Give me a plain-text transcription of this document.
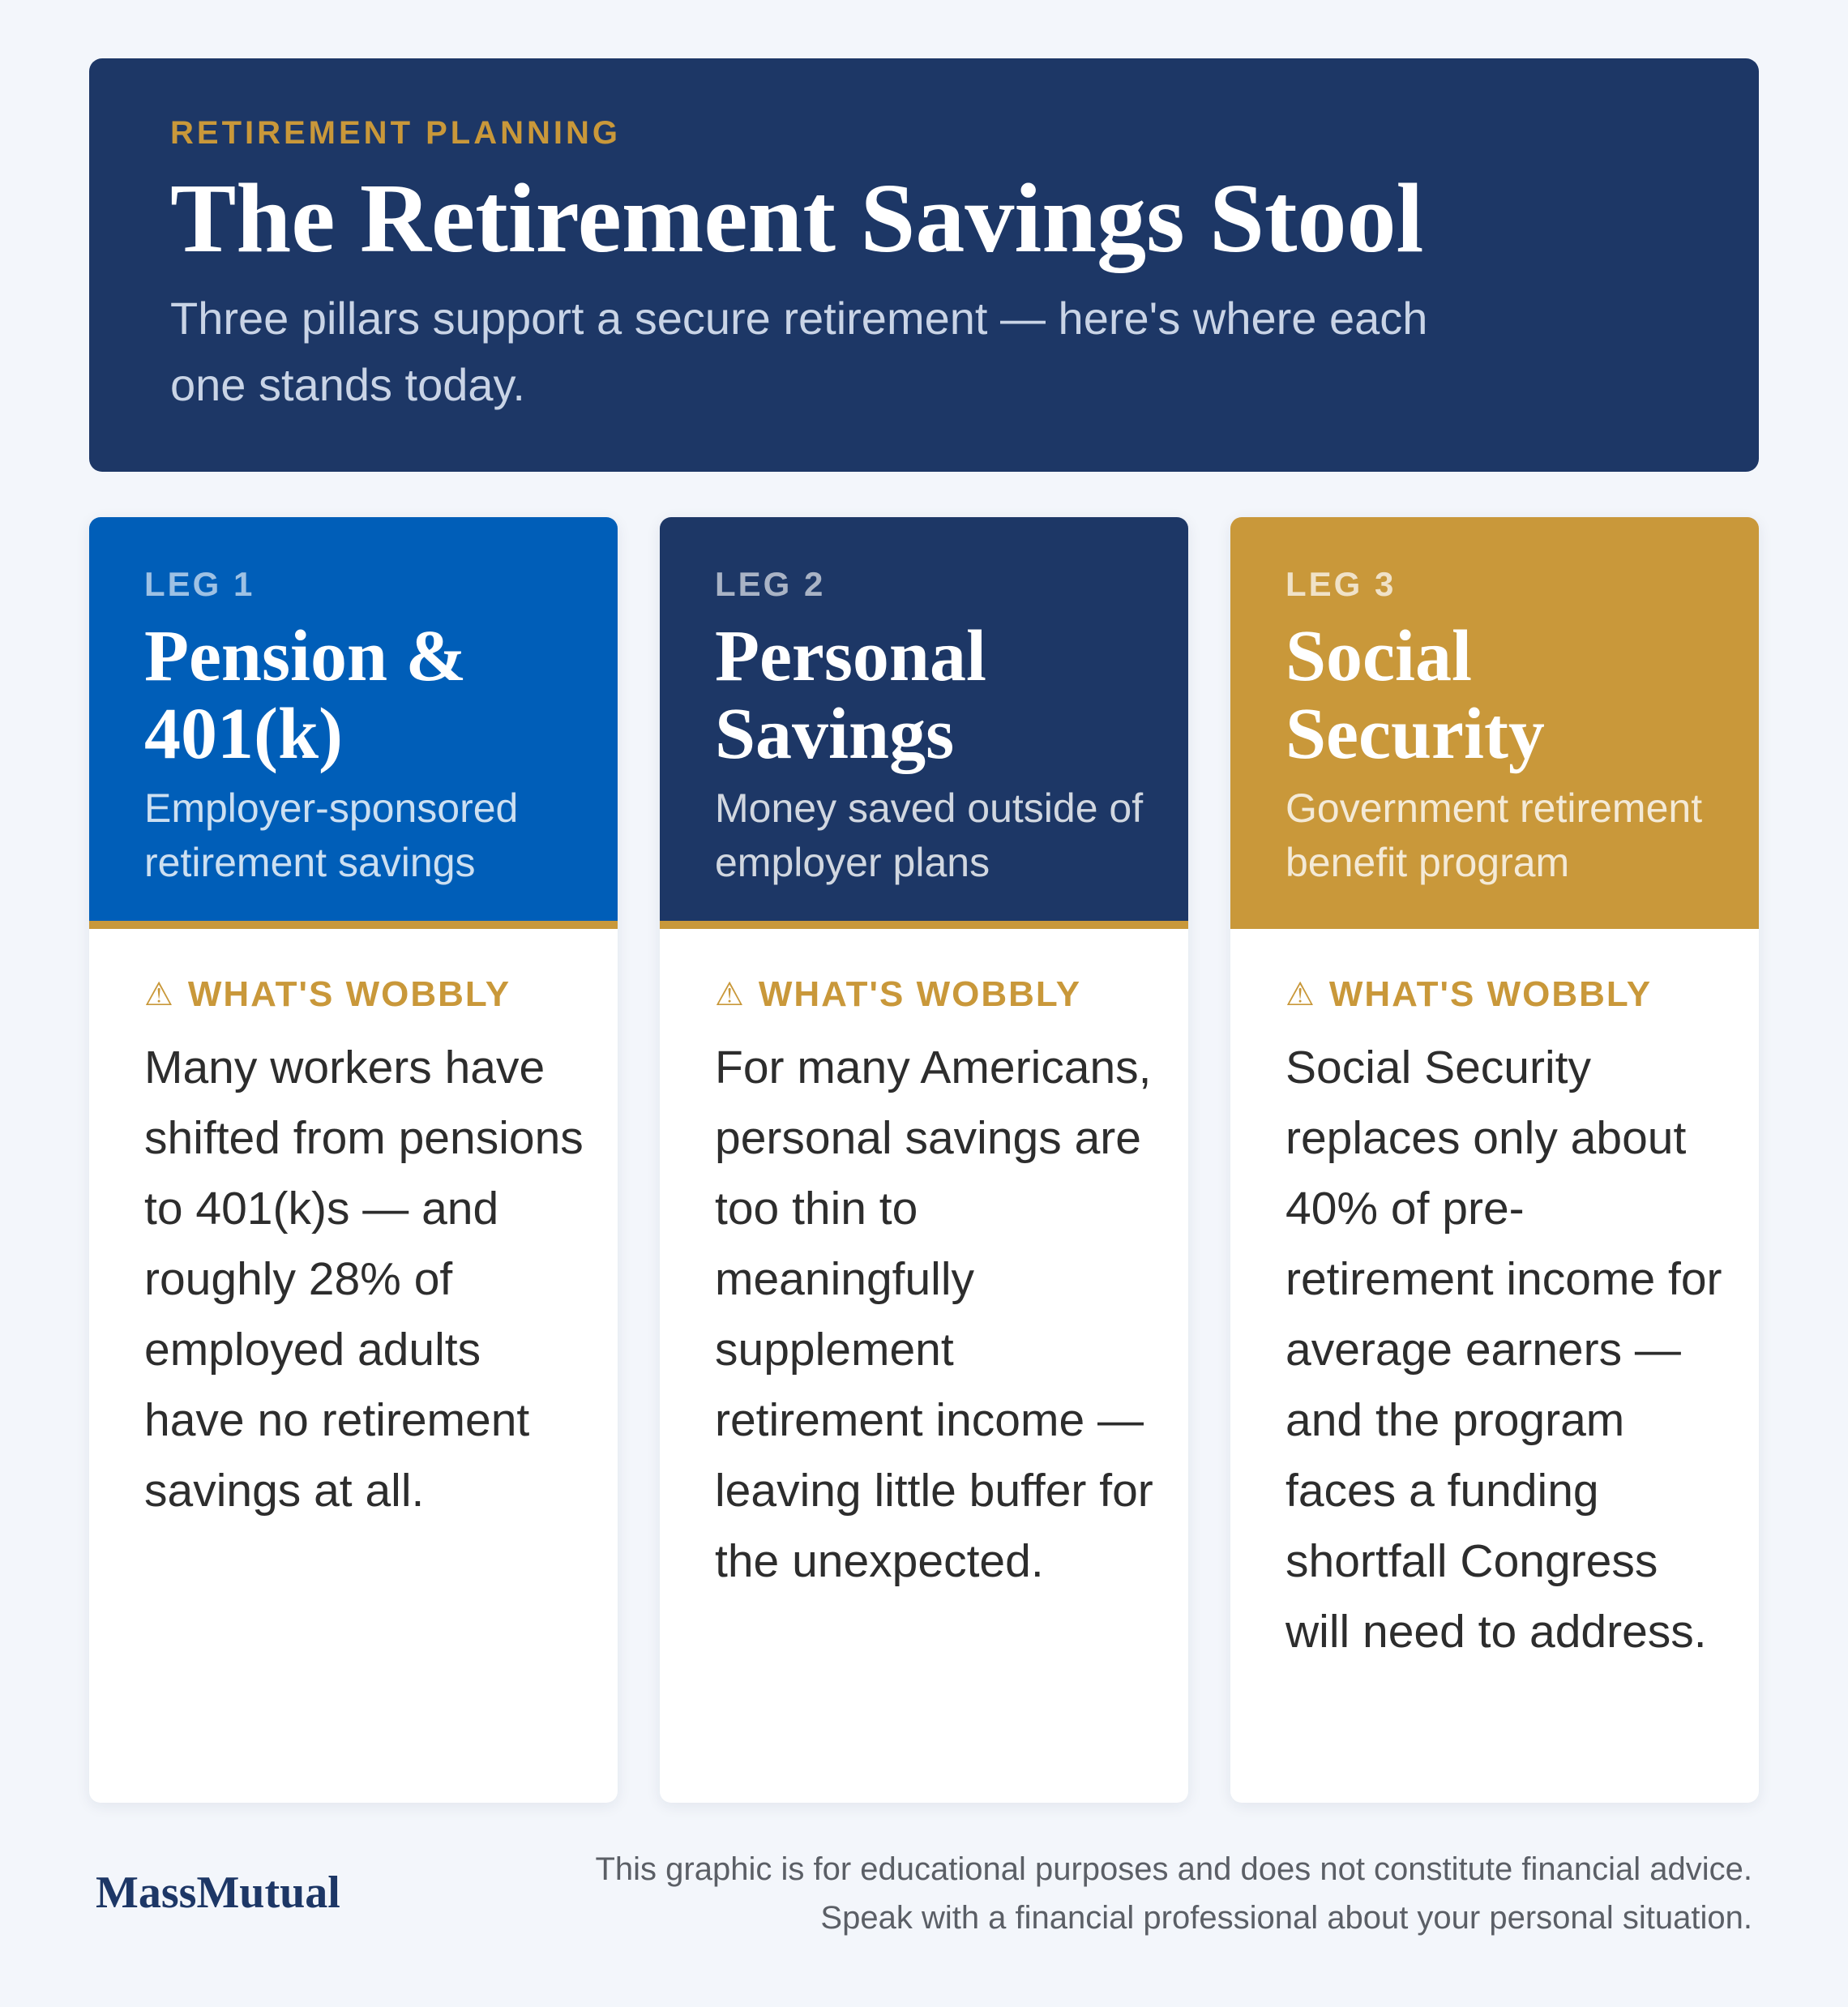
RETIREMENT PLANNING
The Retirement Savings Stool
Three pillars support a secure retirement — here's where each one stands today.
LEG 1
Pension & 401(k)
Employer-sponsored retirement savings
⚠ WHAT'S WOBBLY
Many workers have shifted from pensions to 401(k)s — and roughly 28% of employed adults have no retirement savings at all.
LEG 2
Personal Savings
Money saved outside of employer plans
⚠ WHAT'S WOBBLY
For many Americans, personal savings are too thin to meaningfully supplement retirement income — leaving little buffer for the unexpected.
LEG 3
Social Security
Government retirement benefit program
⚠ WHAT'S WOBBLY
Social Security replaces only about 40% of pre-retirement income for average earners — and the program faces a funding shortfall Congress will need to address.
MassMutual	This graphic is for educational purposes and does not constitute financial advice.
Speak with a financial professional about your personal situation.
